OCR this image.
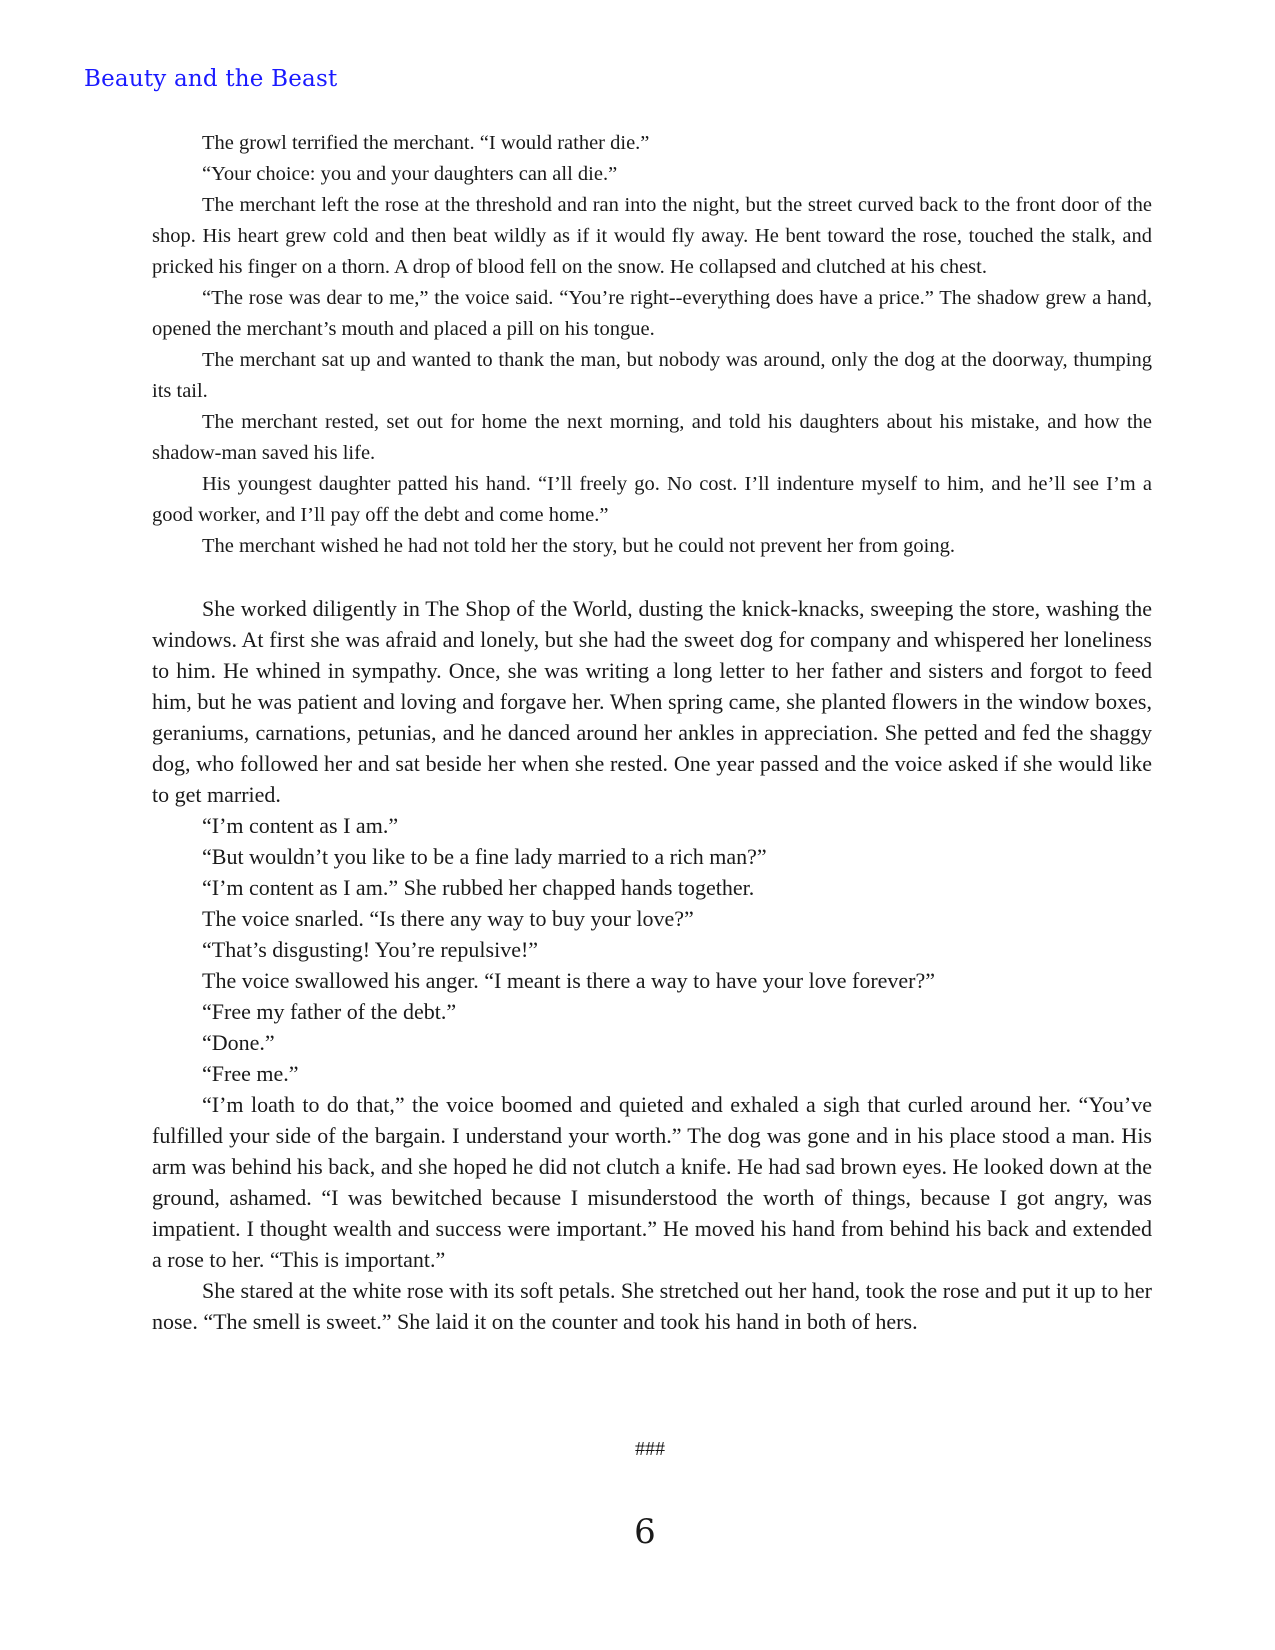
Beauty and the Beast

The growl terrified the merchant. “I would rather die.”

“Your choice: you and your daughters can all die.”

The merchant left the rose at the threshold and ran into the night, but the street curved back to the front door of the shop. His heart grew cold and then beat wildly as if it would fly away. He bent toward the rose, touched the stalk, and pricked his finger on a thorn. A drop of blood fell on the snow. He collapsed and clutched at his chest.

“The rose was dear to me,” the voice said. “You’re right--everything does have a price.” The shadow grew a hand, opened the merchant’s mouth and placed a pill on his tongue.

The merchant sat up and wanted to thank the man, but nobody was around, only the dog at the doorway, thumping its tail.

The merchant rested, set out for home the next morning, and told his daughters about his mistake, and how the shadow-man saved his life.

His youngest daughter patted his hand. “I’ll freely go. No cost. I’ll indenture myself to him, and he’ll see I’m a good worker, and I’ll pay off the debt and come home.”

The merchant wished he had not told her the story, but he could not prevent her from going.

She worked diligently in The Shop of the World, dusting the knick-knacks, sweeping the store, washing the windows. At first she was afraid and lonely, but she had the sweet dog for company and whispered her loneliness to him. He whined in sympathy. Once, she was writing a long letter to her father and sisters and forgot to feed him, but he was patient and loving and forgave her. When spring came, she planted flowers in the window boxes, geraniums, carnations, petunias, and he danced around her ankles in appreciation. She petted and fed the shaggy dog, who followed her and sat beside her when she rested. One year passed and the voice asked if she would like to get married.

“I’m content as I am.”

“But wouldn’t you like to be a fine lady married to a rich man?”

“I’m content as I am.” She rubbed her chapped hands together.

The voice snarled. “Is there any way to buy your love?”

“That’s disgusting! You’re repulsive!”

The voice swallowed his anger. “I meant is there a way to have your love forever?”

“Free my father of the debt.”

“Done.”

“Free me.”

“I’m loath to do that,” the voice boomed and quieted and exhaled a sigh that curled around her. “You’ve fulfilled your side of the bargain. I understand your worth.” The dog was gone and in his place stood a man. His arm was behind his back, and she hoped he did not clutch a knife. He had sad brown eyes. He looked down at the ground, ashamed. “I was bewitched because I misunderstood the worth of things, because I got angry, was impatient. I thought wealth and success were important.” He moved his hand from behind his back and extended a rose to her. “This is important.”

She stared at the white rose with its soft petals. She stretched out her hand, took the rose and put it up to her nose. “The smell is sweet.” She laid it on the counter and took his hand in both of hers.

###
6
